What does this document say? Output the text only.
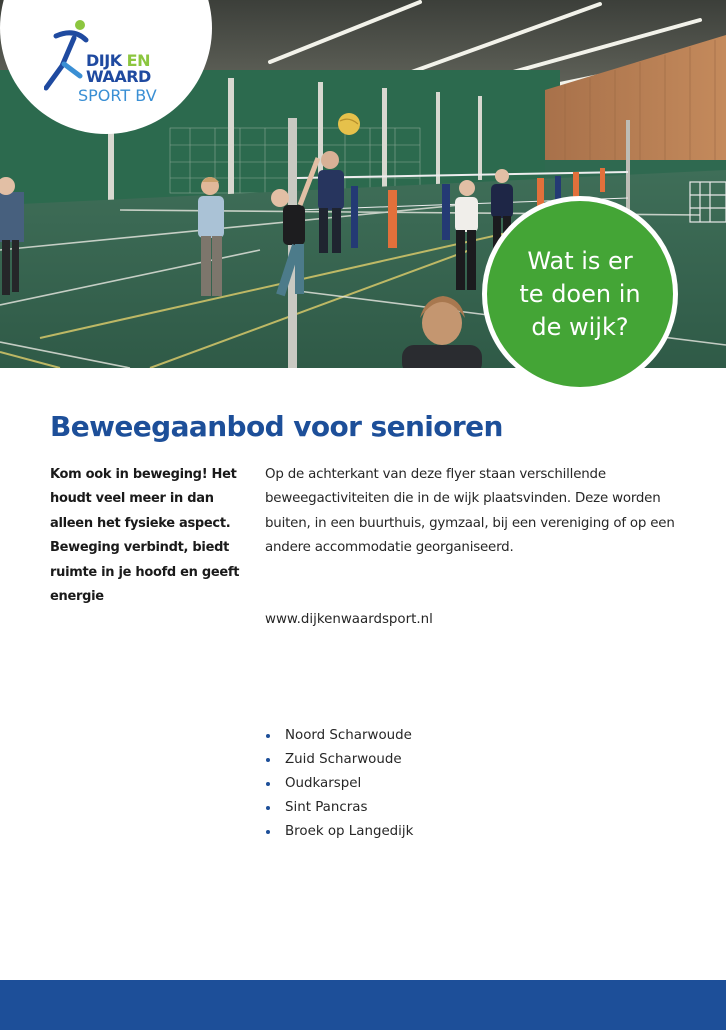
DIJK EN
WAARD
SPORT BV
Wat is er
te doen in
de wijk?
Beweegaanbod voor senioren

Kom ook in beweging! Het houdt veel meer in dan alleen het fysieke aspect. Beweging verbindt, biedt ruimte in je hoofd en geeft energie

Op de achterkant van deze flyer staan verschillende beweegactiviteiten die in de wijk plaatsvinden. Deze worden buiten, in een buurthuis, gymzaal, bij een vereniging of op een andere accommodatie georganiseerd.

www.dijkenwaardsport.nl
Noord Scharwoude
Zuid Scharwoude
Oudkarspel
Sint Pancras
Broek op Langedijk
